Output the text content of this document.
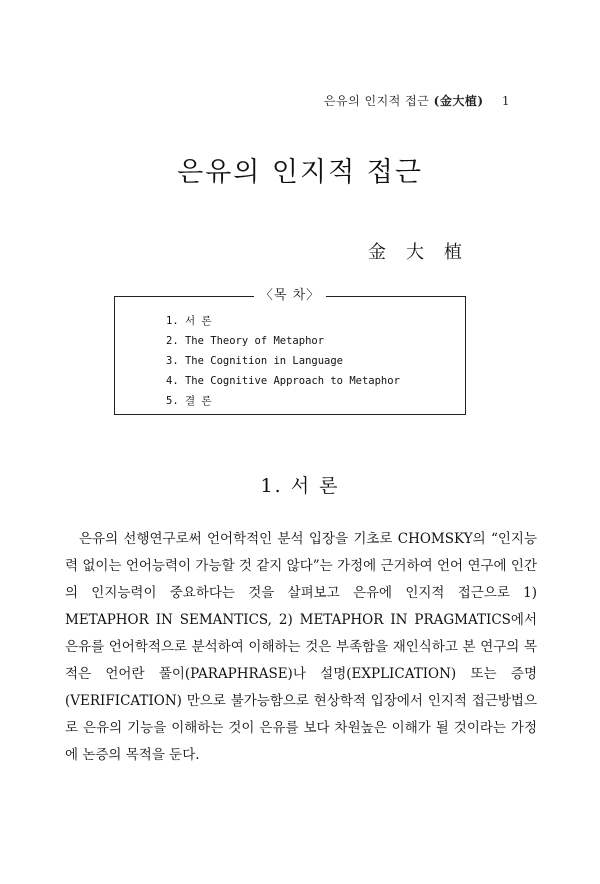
은유의 인지적 접근 (金大植) 1
은유의 인지적 접근
金大植
〈목 차〉
1. 서 론
2. The Theory of Metaphor
3. The Cognition in Language
4. The Cognitive Approach to Metaphor
5. 결 론
1. 서 론

은유의 선행연구로써 언어학적인 분석 입장을 기초로 CHOMSKY의 “인지능력 없이는 언어능력이 가능할 것 같지 않다”는 가정에 근거하여 언어 연구에 인간의 인지능력이 중요하다는 것을 살펴보고 은유에 인지적 접근으로 1) METAPHOR IN SEMANTICS, 2) METAPHOR IN PRAGMATICS에서 은유를 언어학적으로 분석하여 이해하는 것은 부족함을 재인식하고 본 연구의 목적은 언어란 풀이(PARAPHRASE)나 설명(EXPLICATION) 또는 증명(VERIFICATION) 만으로 불가능함으로 현상학적 입장에서 인지적 접근방법으로 은유의 기능을 이해하는 것이 은유를 보다 차원높은 이해가 될 것이라는 가정에 논증의 목적을 둔다.
